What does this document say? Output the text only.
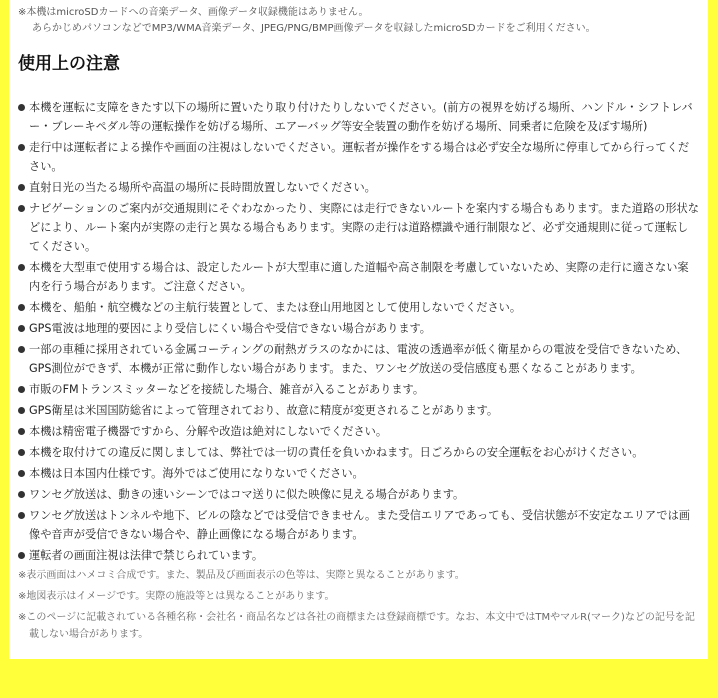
※本機はmicroSDカードへの音楽データ、画像データ収録機能はありません。
あらかじめパソコンなどでMP3/WMA音楽データ、JPEG/PNG/BMP画像データを収録したmicroSDカードをご利用ください。
使用上の注意
本機を運転に支障をきたす以下の場所に置いたり取り付けたりしないでください。(前方の視界を妨げる場所、ハンドル・シフトレバー・ブレーキペダル等の運転操作を妨げる場所、エアーバッグ等安全装置の動作を妨げる場所、同乗者に危険を及ぼす場所)
走行中は運転者による操作や画面の注視はしないでください。運転者が操作をする場合は必ず安全な場所に停車してから行ってください。
直射日光の当たる場所や高温の場所に長時間放置しないでください。
ナビゲーションのご案内が交通規則にそぐわなかったり、実際には走行できないルートを案内する場合もあります。また道路の形状などにより、ルート案内が実際の走行と異なる場合もあります。実際の走行は道路標識や通行制限など、必ず交通規則に従って運転してください。
本機を大型車で使用する場合は、設定したルートが大型車に適した道幅や高さ制限を考慮していないため、実際の走行に適さない案内を行う場合があります。ご注意ください。
本機を、船舶・航空機などの主航行装置として、または登山用地図として使用しないでください。
GPS電波は地理的要因により受信しにくい場合や受信できない場合があります。
一部の車種に採用されている金属コーティングの耐熱ガラスのなかには、電波の透過率が低く衛星からの電波を受信できないため、GPS測位ができず、本機が正常に動作しない場合があります。また、ワンセグ放送の受信感度も悪くなることがあります。
市販のFMトランスミッターなどを接続した場合、雑音が入ることがあります。
GPS衛星は米国国防総省によって管理されており、故意に精度が変更されることがあります。
本機は精密電子機器ですから、分解や改造は絶対にしないでください。
本機を取付けての違反に関しましては、弊社では一切の責任を負いかねます。日ごろからの安全運転をお心がけください。
本機は日本国内仕様です。海外ではご使用になりないでください。
ワンセグ放送は、動きの速いシーンではコマ送りに似た映像に見える場合があります。
ワンセグ放送はトンネルや地下、ビルの陰などでは受信できません。また受信エリアであっても、受信状態が不安定なエリアでは画像や音声が受信できない場合や、静止画像になる場合があります。
運転者の画面注視は法律で禁じられています。
※表示画面はハメコミ合成です。また、製品及び画面表示の色等は、実際と異なることがあります。
※地図表示はイメージです。実際の施設等とは異なることがあります。
※このページに記載されている各種名称・会社名・商品名などは各社の商標または登録商標です。なお、本文中ではTMやマルR(マーク)などの記号を記載しない場合があります。
